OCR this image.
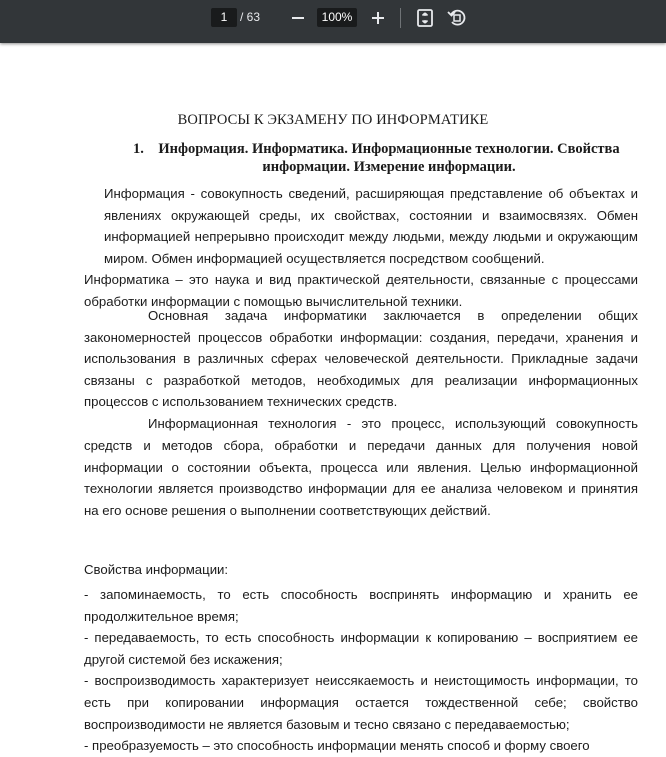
1	/ 63	100%
ВОПРОСЫ К ЭКЗАМЕНУ ПО ИНФОРМАТИКЕ
1. Информация. Информатика. Информационные технологии. Свойства информации. Измерение информации.
Информация - совокупность сведений, расширяющая представление об объектах и явлениях окружающей среды, их свойствах, состоянии и взаимосвязях. Обмен информацией непрерывно происходит между людьми, между людьми и окружающим миром. Обмен информацией осуществляется посредством сообщений.
Информатика – это наука и вид практической деятельности, связанные с процессами обработки информации с помощью вычислительной техники.
Основная задача информатики заключается в определении общих закономерностей процессов обработки информации: создания, передачи, хранения и использования в различных сферах человеческой деятельности. Прикладные задачи связаны с разработкой методов, необходимых для реализации информационных процессов с использованием технических средств.
Информационная технология - это процесс, использующий совокупность средств и методов сбора, обработки и передачи данных для получения новой информации о состоянии объекта, процесса или явления. Целью информационной технологии является производство информации для ее анализа человеком и принятия на его основе решения о выполнении соответствующих действий.
Свойства информации:
- запоминаемость, то есть способность воспринять информацию и хранить ее продолжительное время;
- передаваемость, то есть способность информации к копированию – восприятием ее другой системой без искажения;
- воспроизводимость характеризует неиссякаемость и неистощимость информации, то есть при копировании информация остается тождественной себе; свойство воспроизводимости не является базовым и тесно связано с передаваемостью;
- преобразуемость – это способность информации менять способ и форму своего
